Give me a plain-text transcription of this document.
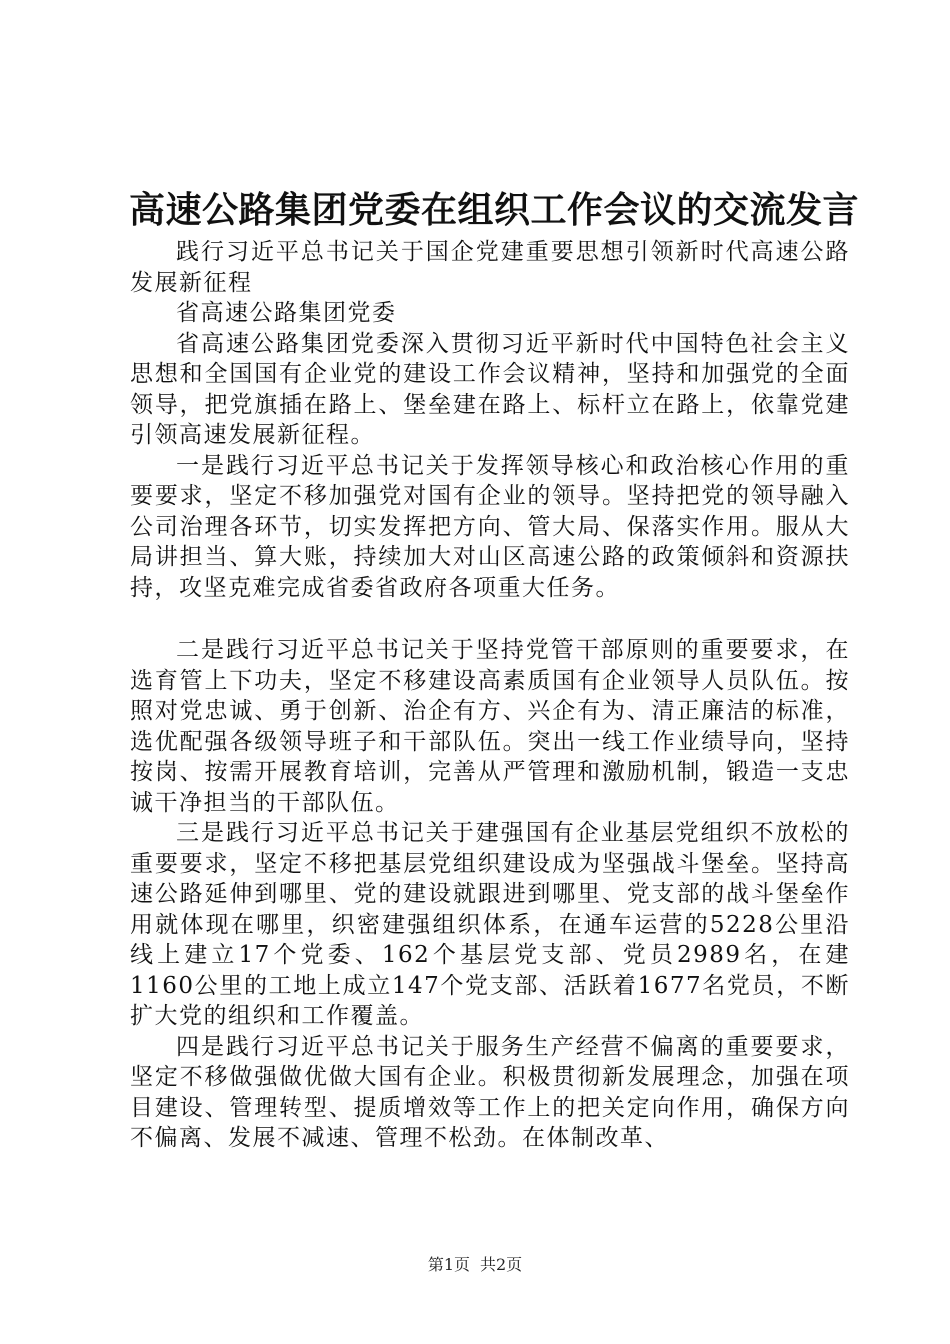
高速公路集团党委在组织工作会议的交流发言

践行习近平总书记关于国企党建重要思想引领新时代高速公路发展新征程

省高速公路集团党委

省高速公路集团党委深入贯彻习近平新时代中国特色社会主义思想和全国国有企业党的建设工作会议精神，坚持和加强党的全面领导，把党旗插在路上、堡垒建在路上、标杆立在路上，依靠党建引领高速发展新征程。

一是践行习近平总书记关于发挥领导核心和政治核心作用的重要要求，坚定不移加强党对国有企业的领导。坚持把党的领导融入公司治理各环节，切实发挥把方向、管大局、保落实作用。服从大局讲担当、算大账，持续加大对山区高速公路的政策倾斜和资源扶持，攻坚克难完成省委省政府各项重大任务。

二是践行习近平总书记关于坚持党管干部原则的重要要求，在选育管上下功夫，坚定不移建设高素质国有企业领导人员队伍。按照对党忠诚、勇于创新、治企有方、兴企有为、清正廉洁的标准，选优配强各级领导班子和干部队伍。突出一线工作业绩导向，坚持按岗、按需开展教育培训，完善从严管理和激励机制，锻造一支忠诚干净担当的干部队伍。

三是践行习近平总书记关于建强国有企业基层党组织不放松的重要要求，坚定不移把基层党组织建设成为坚强战斗堡垒。坚持高速公路延伸到哪里、党的建设就跟进到哪里、党支部的战斗堡垒作用就体现在哪里，织密建强组织体系，在通车运营的5228公里沿线上建立17个党委、162个基层党支部、党员2989名，在建1160公里的工地上成立147个党支部、活跃着1677名党员，不断扩大党的组织和工作覆盖。

四是践行习近平总书记关于服务生产经营不偏离的重要要求，坚定不移做强做优做大国有企业。积极贯彻新发展理念，加强在项目建设、管理转型、提质增效等工作上的把关定向作用，确保方向不偏离、发展不减速、管理不松劲。在体制改革、

第1页 共2页
